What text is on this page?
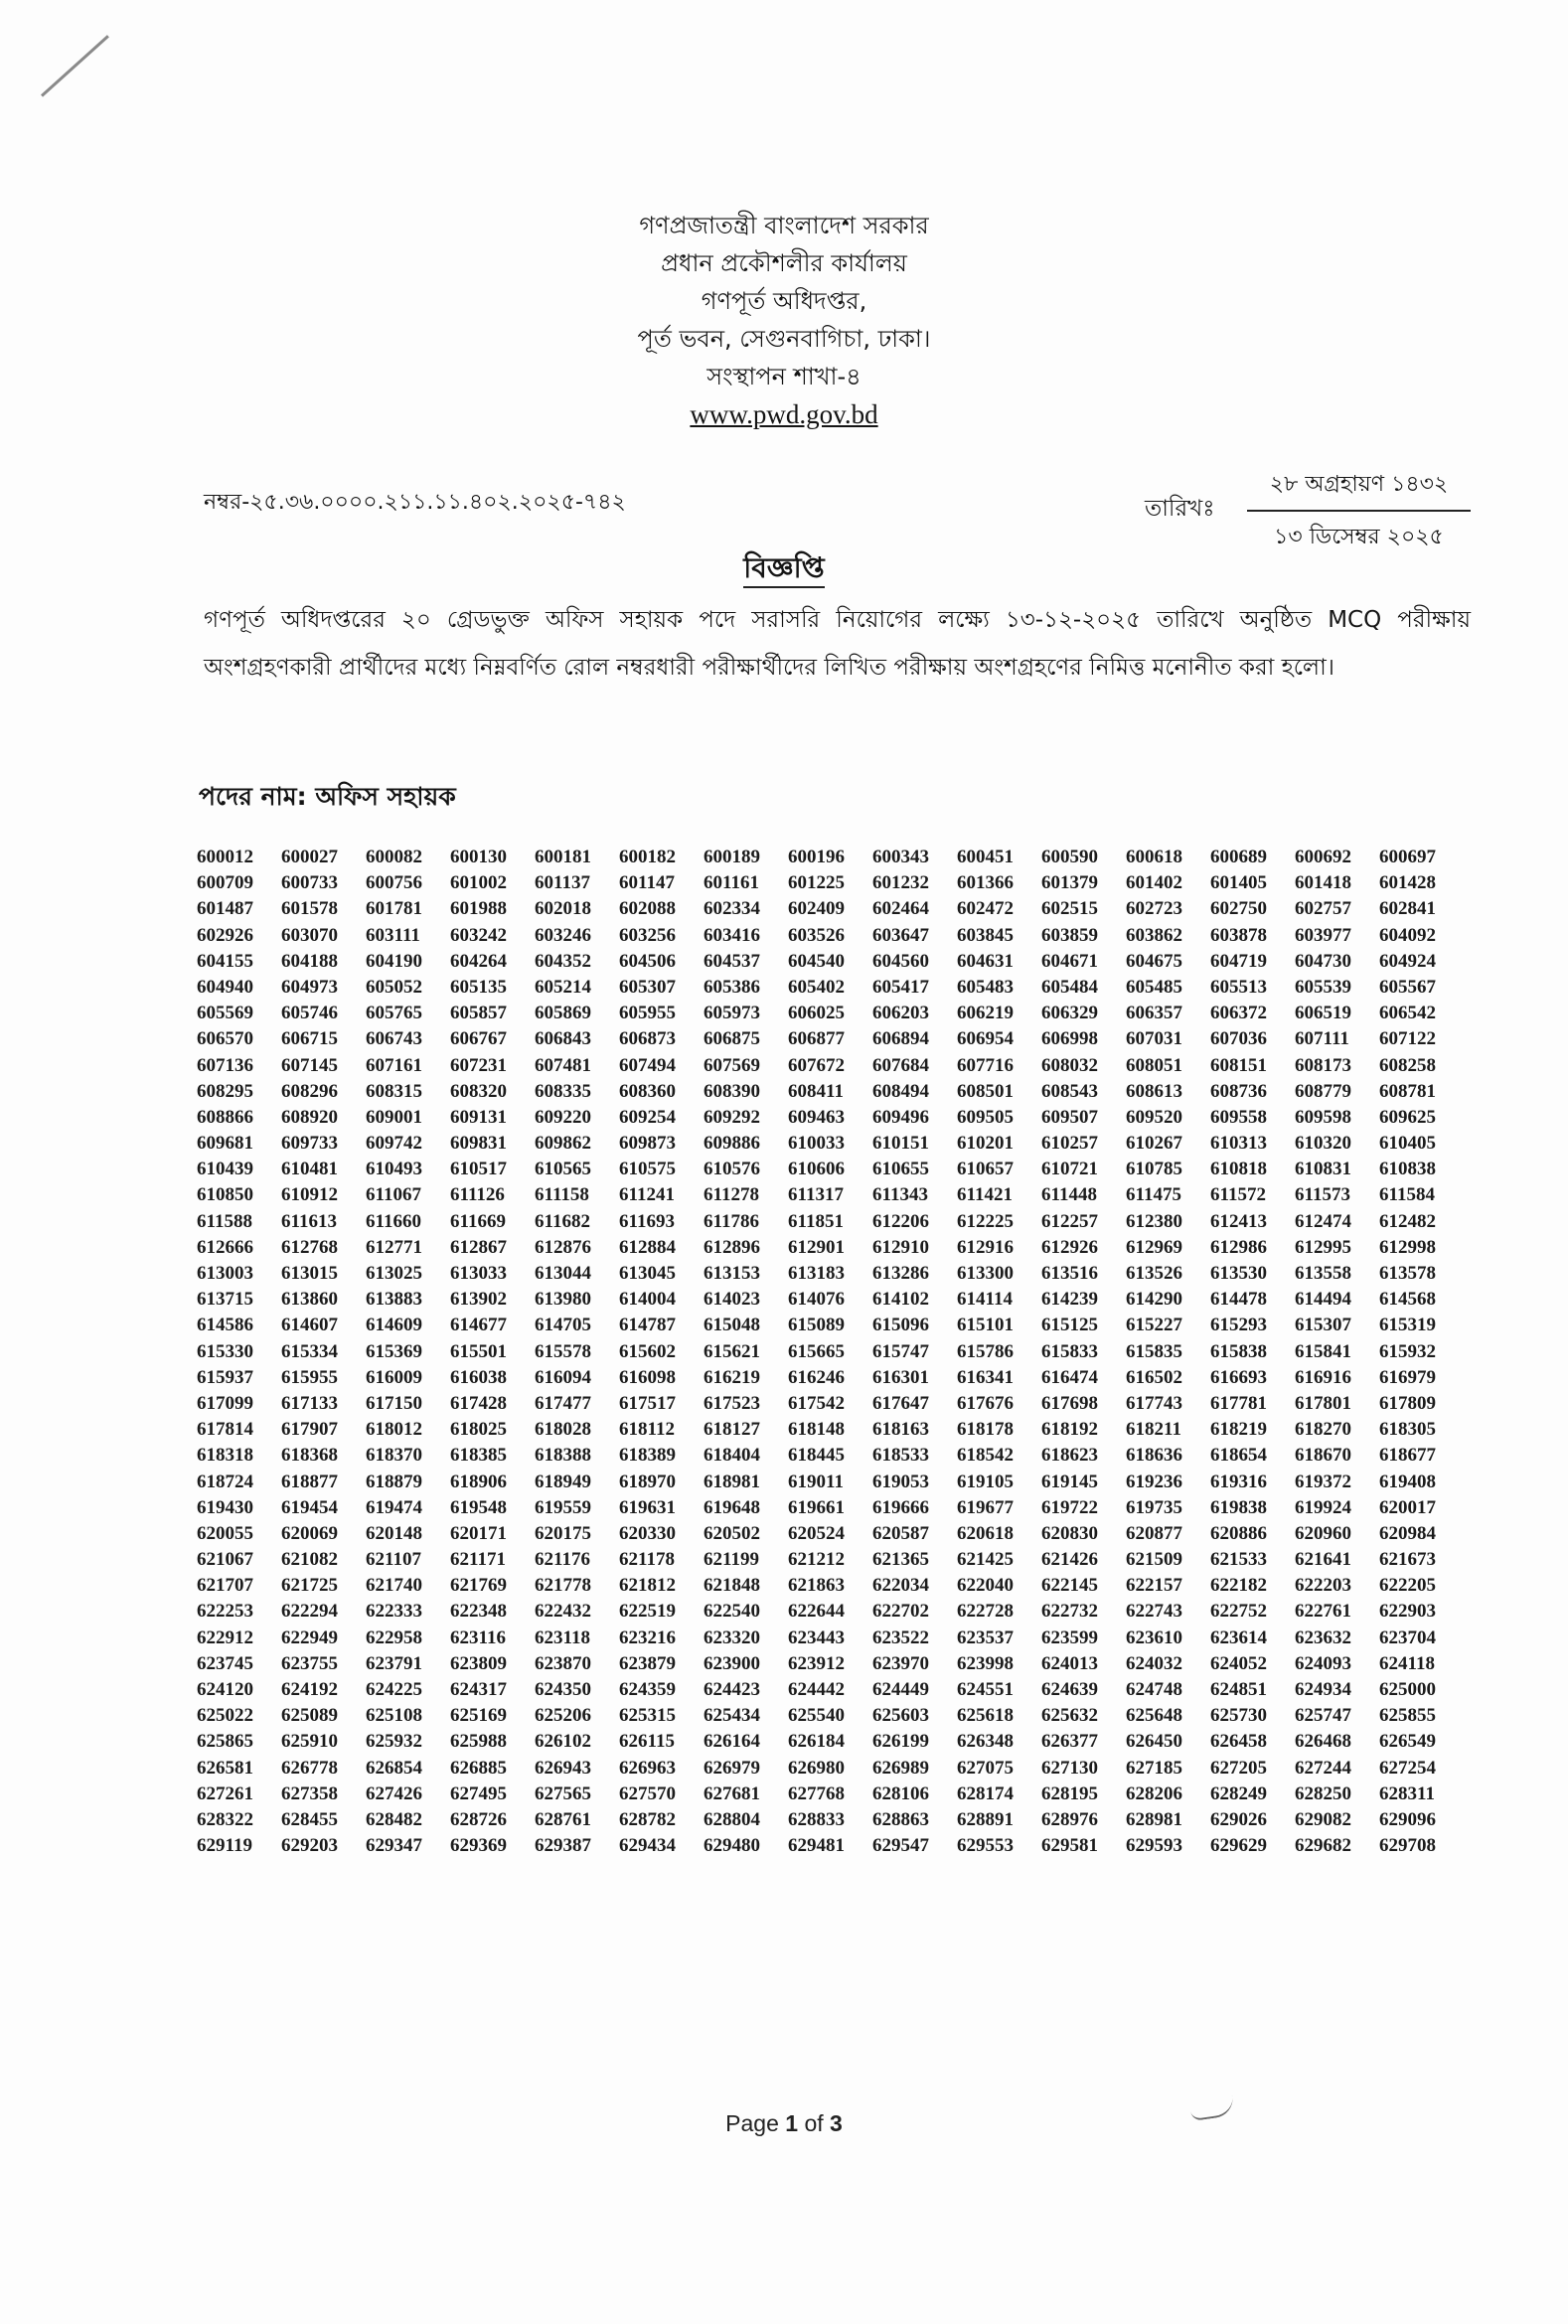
গণপ্রজাতন্ত্রী বাংলাদেশ সরকার
প্রধান প্রকৌশলীর কার্যালয়
গণপূর্ত অধিদপ্তর,
পূর্ত ভবন, সেগুনবাগিচা, ঢাকা।
সংস্থাপন শাখা-৪
www.pwd.gov.bd
নম্বর-২৫.৩৬.০০০০.২১১.১১.৪০২.২০২৫-৭৪২	তারিখঃ
২৮ অগ্রহায়ণ ১৪৩২
১৩ ডিসেম্বর ২০২৫
বিজ্ঞপ্তি
গণপূর্ত অধিদপ্তরের ২০ গ্রেডভুক্ত অফিস সহায়ক পদে সরাসরি নিয়োগের লক্ষ্যে ১৩-১২-২০২৫ তারিখে অনুষ্ঠিত MCQ পরীক্ষায় অংশগ্রহণকারী প্রার্থীদের মধ্যে নিম্নবর্ণিত রোল নম্বরধারী পরীক্ষার্থীদের লিখিত পরীক্ষায় অংশগ্রহণের নিমিত্ত মনোনীত করা হলো।
পদের নাম: অফিস সহায়ক
600012	600027	600082	600130	600181	600182	600189	600196	600343	600451	600590	600618	600689	600692	600697
600709	600733	600756	601002	601137	601147	601161	601225	601232	601366	601379	601402	601405	601418	601428
601487	601578	601781	601988	602018	602088	602334	602409	602464	602472	602515	602723	602750	602757	602841
602926	603070	603111	603242	603246	603256	603416	603526	603647	603845	603859	603862	603878	603977	604092
604155	604188	604190	604264	604352	604506	604537	604540	604560	604631	604671	604675	604719	604730	604924
604940	604973	605052	605135	605214	605307	605386	605402	605417	605483	605484	605485	605513	605539	605567
605569	605746	605765	605857	605869	605955	605973	606025	606203	606219	606329	606357	606372	606519	606542
606570	606715	606743	606767	606843	606873	606875	606877	606894	606954	606998	607031	607036	607111	607122
607136	607145	607161	607231	607481	607494	607569	607672	607684	607716	608032	608051	608151	608173	608258
608295	608296	608315	608320	608335	608360	608390	608411	608494	608501	608543	608613	608736	608779	608781
608866	608920	609001	609131	609220	609254	609292	609463	609496	609505	609507	609520	609558	609598	609625
609681	609733	609742	609831	609862	609873	609886	610033	610151	610201	610257	610267	610313	610320	610405
610439	610481	610493	610517	610565	610575	610576	610606	610655	610657	610721	610785	610818	610831	610838
610850	610912	611067	611126	611158	611241	611278	611317	611343	611421	611448	611475	611572	611573	611584
611588	611613	611660	611669	611682	611693	611786	611851	612206	612225	612257	612380	612413	612474	612482
612666	612768	612771	612867	612876	612884	612896	612901	612910	612916	612926	612969	612986	612995	612998
613003	613015	613025	613033	613044	613045	613153	613183	613286	613300	613516	613526	613530	613558	613578
613715	613860	613883	613902	613980	614004	614023	614076	614102	614114	614239	614290	614478	614494	614568
614586	614607	614609	614677	614705	614787	615048	615089	615096	615101	615125	615227	615293	615307	615319
615330	615334	615369	615501	615578	615602	615621	615665	615747	615786	615833	615835	615838	615841	615932
615937	615955	616009	616038	616094	616098	616219	616246	616301	616341	616474	616502	616693	616916	616979
617099	617133	617150	617428	617477	617517	617523	617542	617647	617676	617698	617743	617781	617801	617809
617814	617907	618012	618025	618028	618112	618127	618148	618163	618178	618192	618211	618219	618270	618305
618318	618368	618370	618385	618388	618389	618404	618445	618533	618542	618623	618636	618654	618670	618677
618724	618877	618879	618906	618949	618970	618981	619011	619053	619105	619145	619236	619316	619372	619408
619430	619454	619474	619548	619559	619631	619648	619661	619666	619677	619722	619735	619838	619924	620017
620055	620069	620148	620171	620175	620330	620502	620524	620587	620618	620830	620877	620886	620960	620984
621067	621082	621107	621171	621176	621178	621199	621212	621365	621425	621426	621509	621533	621641	621673
621707	621725	621740	621769	621778	621812	621848	621863	622034	622040	622145	622157	622182	622203	622205
622253	622294	622333	622348	622432	622519	622540	622644	622702	622728	622732	622743	622752	622761	622903
622912	622949	622958	623116	623118	623216	623320	623443	623522	623537	623599	623610	623614	623632	623704
623745	623755	623791	623809	623870	623879	623900	623912	623970	623998	624013	624032	624052	624093	624118
624120	624192	624225	624317	624350	624359	624423	624442	624449	624551	624639	624748	624851	624934	625000
625022	625089	625108	625169	625206	625315	625434	625540	625603	625618	625632	625648	625730	625747	625855
625865	625910	625932	625988	626102	626115	626164	626184	626199	626348	626377	626450	626458	626468	626549
626581	626778	626854	626885	626943	626963	626979	626980	626989	627075	627130	627185	627205	627244	627254
627261	627358	627426	627495	627565	627570	627681	627768	628106	628174	628195	628206	628249	628250	628311
628322	628455	628482	628726	628761	628782	628804	628833	628863	628891	628976	628981	629026	629082	629096
629119	629203	629347	629369	629387	629434	629480	629481	629547	629553	629581	629593	629629	629682	629708
Page 1 of 3
